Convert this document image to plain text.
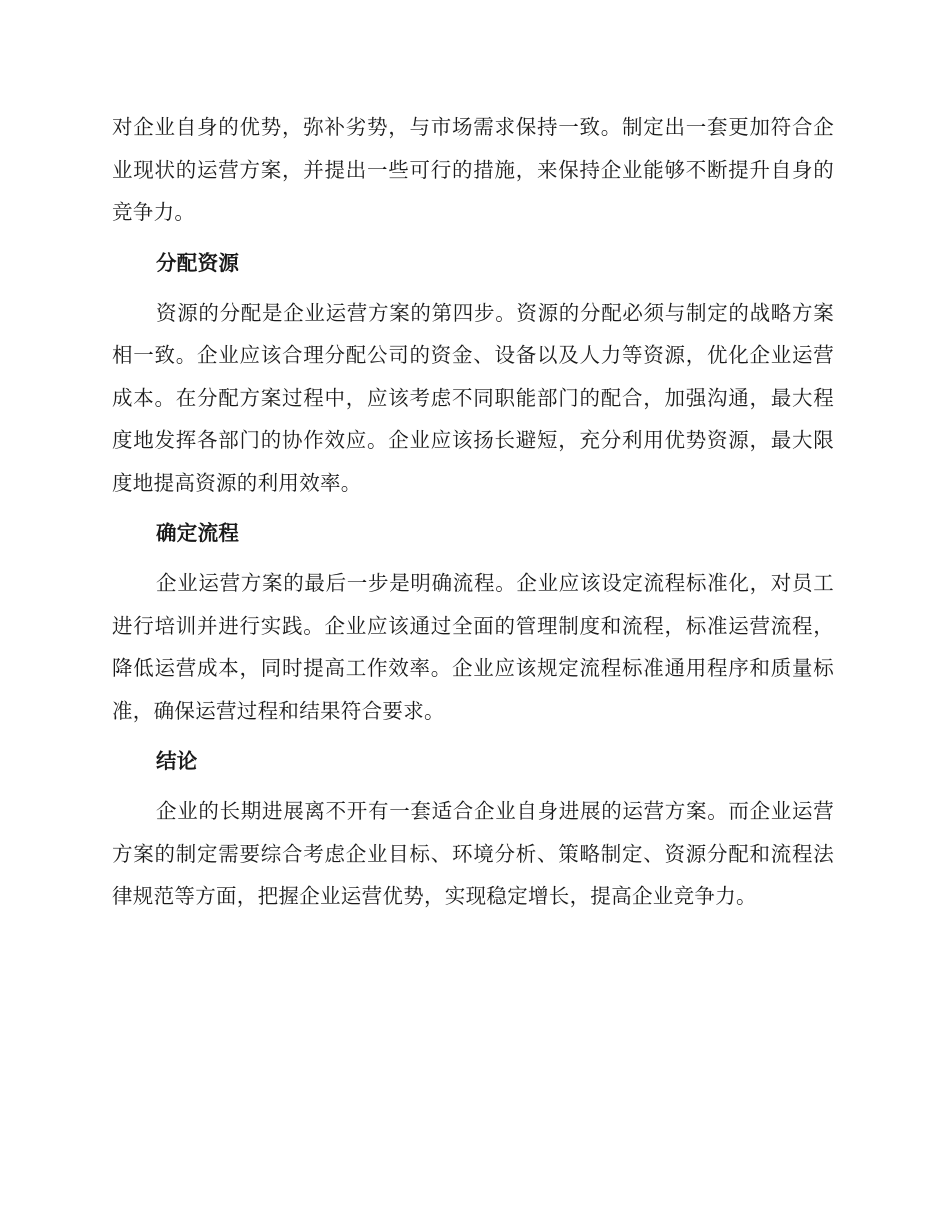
对企业自身的优势，弥补劣势，与市场需求保持一致。制定出一套更加符合企业现状的运营方案，并提出一些可行的措施，来保持企业能够不断提升自身的竞争力。

分配资源

资源的分配是企业运营方案的第四步。资源的分配必须与制定的战略方案相一致。企业应该合理分配公司的资金、设备以及人力等资源，优化企业运营成本。在分配方案过程中，应该考虑不同职能部门的配合，加强沟通，最大程度地发挥各部门的协作效应。企业应该扬长避短，充分利用优势资源，最大限度地提高资源的利用效率。

确定流程

企业运营方案的最后一步是明确流程。企业应该设定流程标准化，对员工进行培训并进行实践。企业应该通过全面的管理制度和流程，标准运营流程，降低运营成本，同时提高工作效率。企业应该规定流程标准通用程序和质量标准，确保运营过程和结果符合要求。

结论

企业的长期进展离不开有一套适合企业自身进展的运营方案。而企业运营方案的制定需要综合考虑企业目标、环境分析、策略制定、资源分配和流程法律规范等方面，把握企业运营优势，实现稳定增长，提高企业竞争力。
